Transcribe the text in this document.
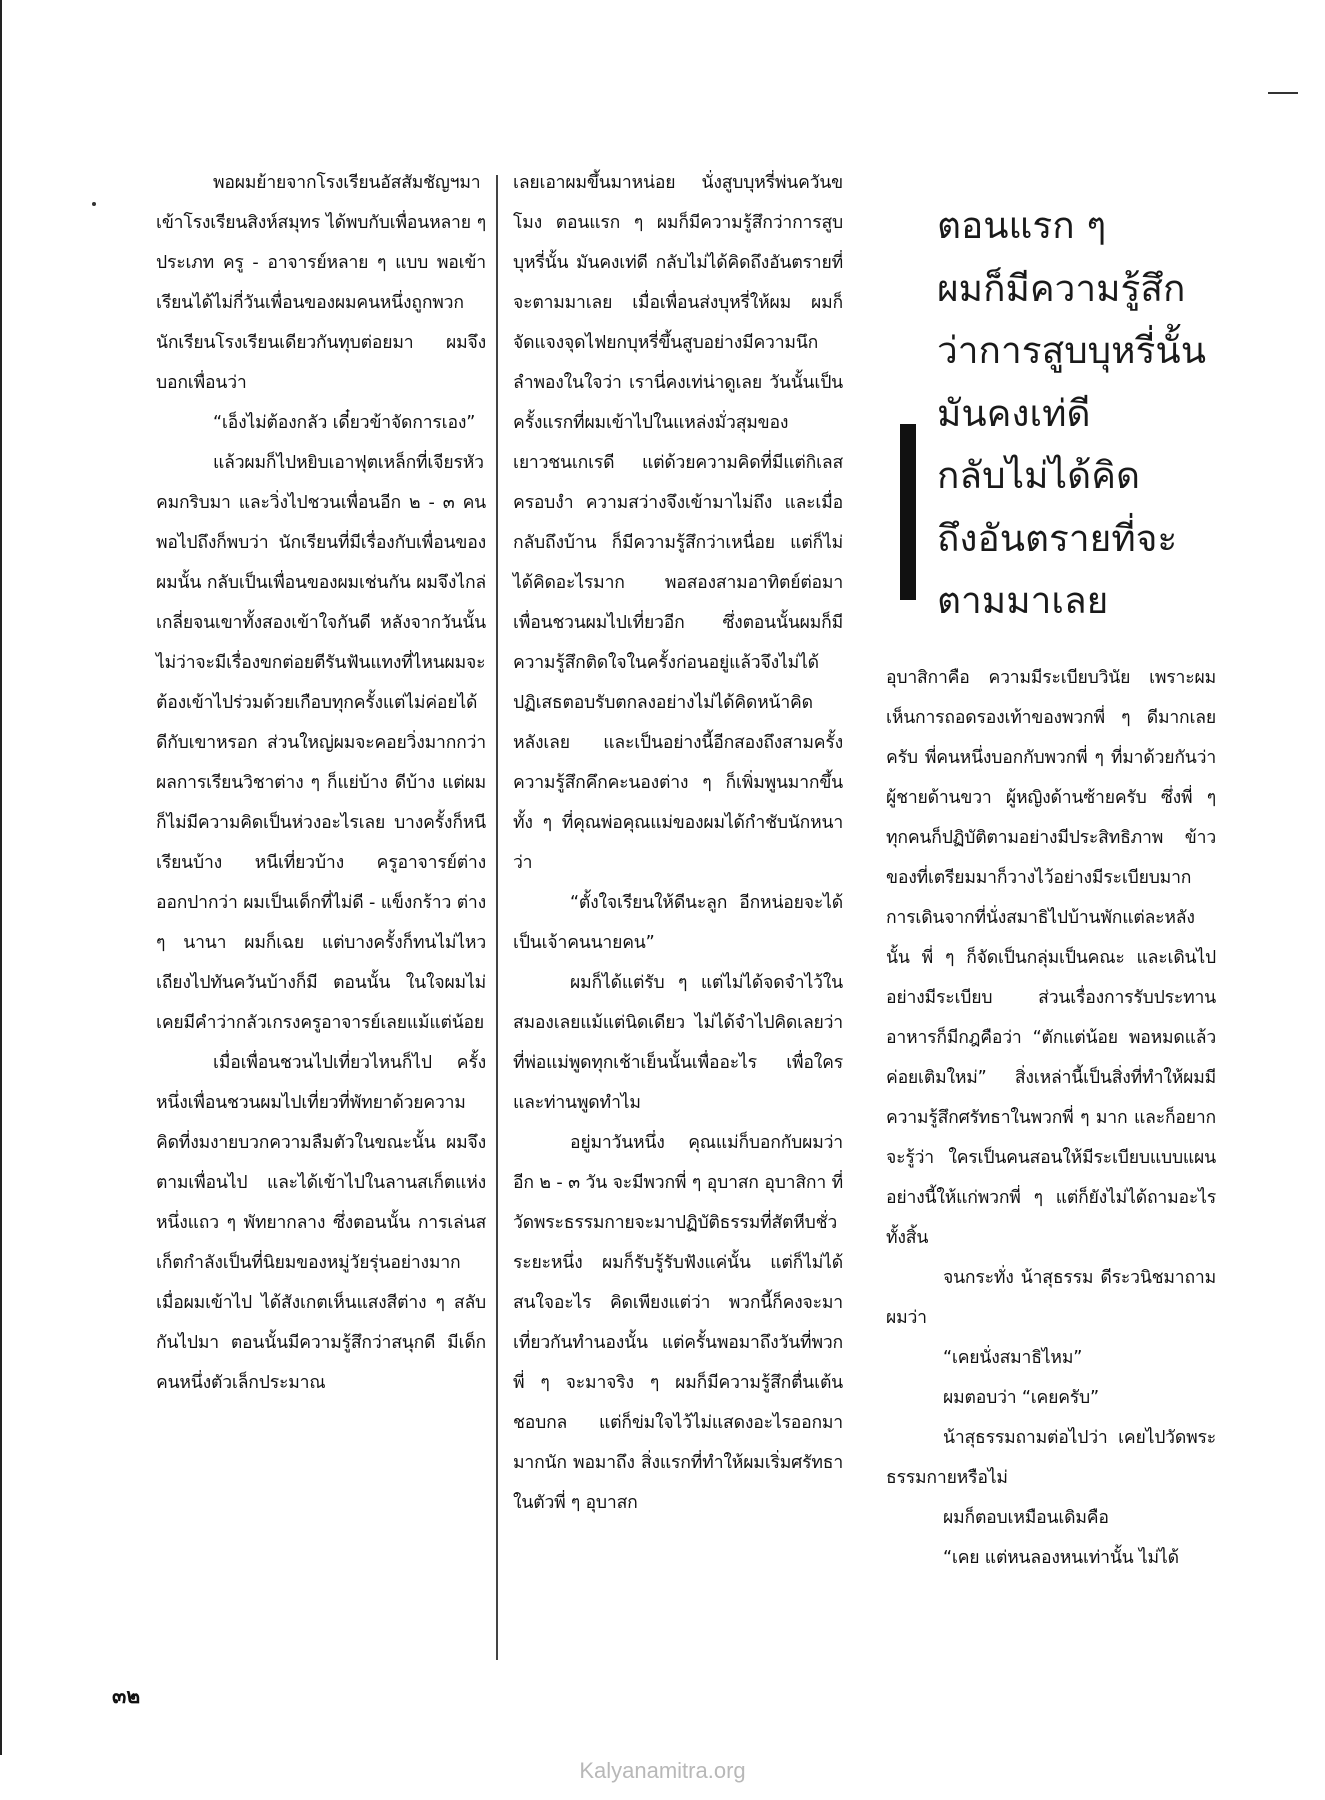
พอผมย้ายจากโรงเรียนอัสสัมชัญฯมาเข้าโรงเรียนสิงห์สมุทร ได้พบกับเพื่อนหลาย ๆ ประเภท ครู - อาจารย์หลาย ๆ แบบ พอเข้าเรียนได้ไม่กี่วันเพื่อนของผมคนหนึ่งถูกพวกนักเรียนโรงเรียนเดียวกันทุบต่อยมา ผมจึงบอกเพื่อนว่า

“เอ็งไม่ต้องกลัว เดี๋ยวข้าจัดการเอง”

แล้วผมก็ไปหยิบเอาฟุตเหล็กที่เจียรหัวคมกริบมา และวิ่งไปชวนเพื่อนอีก ๒ - ๓ คน พอไปถึงก็พบว่า นักเรียนที่มีเรื่องกับเพื่อนของผมนั้น กลับเป็นเพื่อนของผมเช่นกัน ผมจึงไกล่เกลี่ยจนเขาทั้งสองเข้าใจกันดี หลังจากวันนั้นไม่ว่าจะมีเรื่องขกต่อยตีรันฟันแทงที่ไหนผมจะต้องเข้าไปร่วมด้วยเกือบทุกครั้งแต่ไม่ค่อยได้ดีกับเขาหรอก ส่วนใหญ่ผมจะคอยวิ่งมากกว่า ผลการเรียนวิชาต่าง ๆ ก็แย่บ้าง ดีบ้าง แต่ผมก็ไม่มีความคิดเป็นห่วงอะไรเลย บางครั้งก็หนีเรียนบ้าง หนีเที่ยวบ้าง ครูอาจารย์ต่างออกปากว่า ผมเป็นเด็กที่ไม่ดี - แข็งกร้าว ต่าง ๆ นานา ผมก็เฉย แต่บางครั้งก็ทนไม่ไหว เถียงไปทันควันบ้างก็มี ตอนนั้น ในใจผมไม่เคยมีคำว่ากลัวเกรงครูอาจารย์เลยแม้แต่น้อย

เมื่อเพื่อนชวนไปเที่ยวไหนก็ไป ครั้งหนึ่งเพื่อนชวนผมไปเที่ยวที่พัทยาด้วยความคิดที่งมงายบวกความลืมตัวในขณะนั้น ผมจึงตามเพื่อนไป และได้เข้าไปในลานสเก็ตแห่งหนึ่งแถว ๆ พัทยากลาง ซึ่งตอนนั้น การเล่นสเก็ตกำลังเป็นที่นิยมของหมู่วัยรุ่นอย่างมาก เมื่อผมเข้าไป ได้สังเกตเห็นแสงสีต่าง ๆ สลับกันไปมา ตอนนั้นมีความรู้สึกว่าสนุกดี มีเด็กคนหนึ่งตัวเล็กประมาณ

เลยเอาผมขึ้นมาหน่อย นั่งสูบบุหรี่พ่นควันขโมง ตอนแรก ๆ ผมก็มีความรู้สึกว่าการสูบบุหรี่นั้น มันคงเท่ดี กลับไม่ได้คิดถึงอันตรายที่จะตามมาเลย เมื่อเพื่อนส่งบุหรี่ให้ผม ผมก็จัดแจงจุดไฟยกบุหรี่ขึ้นสูบอย่างมีความนึกลำพองในใจว่า เรานี่คงเท่น่าดูเลย วันนั้นเป็นครั้งแรกที่ผมเข้าไปในแหล่งมั่วสุมของเยาวชนเกเรดี แต่ด้วยความคิดที่มีแต่กิเลสครอบงำ ความสว่างจึงเข้ามาไม่ถึง และเมื่อกลับถึงบ้าน ก็มีความรู้สึกว่าเหนื่อย แต่ก็ไม่ได้คิดอะไรมาก พอสองสามอาทิตย์ต่อมา เพื่อนชวนผมไปเที่ยวอีก ซึ่งตอนนั้นผมก็มีความรู้สึกติดใจในครั้งก่อนอยู่แล้วจึงไม่ได้ปฏิเสธตอบรับตกลงอย่างไม่ได้คิดหน้าคิดหลังเลย และเป็นอย่างนี้อีกสองถึงสามครั้งความรู้สึกคึกคะนองต่าง ๆ ก็เพิ่มพูนมากขึ้น ทั้ง ๆ ที่คุณพ่อคุณแม่ของผมได้กำชับนักหนาว่า

“ตั้งใจเรียนให้ดีนะลูก อีกหน่อยจะได้เป็นเจ้าคนนายคน”

ผมก็ได้แต่รับ ๆ แต่ไม่ได้จดจำไว้ในสมองเลยแม้แต่นิดเดียว ไม่ได้จำไปคิดเลยว่า ที่พ่อแม่พูดทุกเช้าเย็นนั้นเพื่ออะไร เพื่อใคร และท่านพูดทำไม

อยู่มาวันหนึ่ง คุณแม่ก็บอกกับผมว่า อีก ๒ - ๓ วัน จะมีพวกพี่ ๆ อุบาสก อุบาสิกา ที่วัดพระธรรมกายจะมาปฏิบัติธรรมที่สัตหีบชั่วระยะหนึ่ง ผมก็รับรู้รับฟังแค่นั้น แต่ก็ไม่ได้สนใจอะไร คิดเพียงแต่ว่า พวกนี้ก็คงจะมาเที่ยวกันทำนองนั้น แต่ครั้นพอมาถึงวันที่พวกพี่ ๆ จะมาจริง ๆ ผมก็มีความรู้สึกตื่นเต้นชอบกล แต่ก็ข่มใจไว้ไม่แสดงอะไรออกมามากนัก พอมาถึง สิ่งแรกที่ทำให้ผมเริ่มศรัทธาในตัวพี่ ๆ อุบาสก

ตอนแรก ๆ
ผมก็มีความรู้สึก
ว่าการสูบบุหรี่นั้น
มันคงเท่ดี
กลับไม่ได้คิด
ถึงอันตรายที่จะ
ตามมาเลย

อุบาสิกาคือ ความมีระเบียบวินัย เพราะผมเห็นการถอดรองเท้าของพวกพี่ ๆ ดีมากเลยครับ พี่คนหนึ่งบอกกับพวกพี่ ๆ ที่มาด้วยกันว่า ผู้ชายด้านขวา ผู้หญิงด้านซ้ายครับ ซึ่งพี่ ๆ ทุกคนก็ปฏิบัติตามอย่างมีประสิทธิภาพ ข้าวของที่เตรียมมาก็วางไว้อย่างมีระเบียบมาก การเดินจากที่นั่งสมาธิไปบ้านพักแต่ละหลังนั้น พี่ ๆ ก็จัดเป็นกลุ่มเป็นคณะ และเดินไปอย่างมีระเบียบ ส่วนเรื่องการรับประทานอาหารก็มีกฎคือว่า “ตักแต่น้อย พอหมดแล้วค่อยเติมใหม่” สิ่งเหล่านี้เป็นสิ่งที่ทำให้ผมมีความรู้สึกศรัทธาในพวกพี่ ๆ มาก และก็อยากจะรู้ว่า ใครเป็นคนสอนให้มีระเบียบแบบแผนอย่างนี้ให้แก่พวกพี่ ๆ แต่ก็ยังไม่ได้ถามอะไรทั้งสิ้น

จนกระทั่ง น้าสุธรรม ดีระวนิชมาถามผมว่า

“เคยนั่งสมาธิไหม”

ผมตอบว่า “เคยครับ”

น้าสุธรรมถามต่อไปว่า เคยไปวัดพระธรรมกายหรือไม่

ผมก็ตอบเหมือนเดิมคือ

“เคย แต่หนลองหนเท่านั้น ไม่ได้

๓๒
Kalyanamitra.org
